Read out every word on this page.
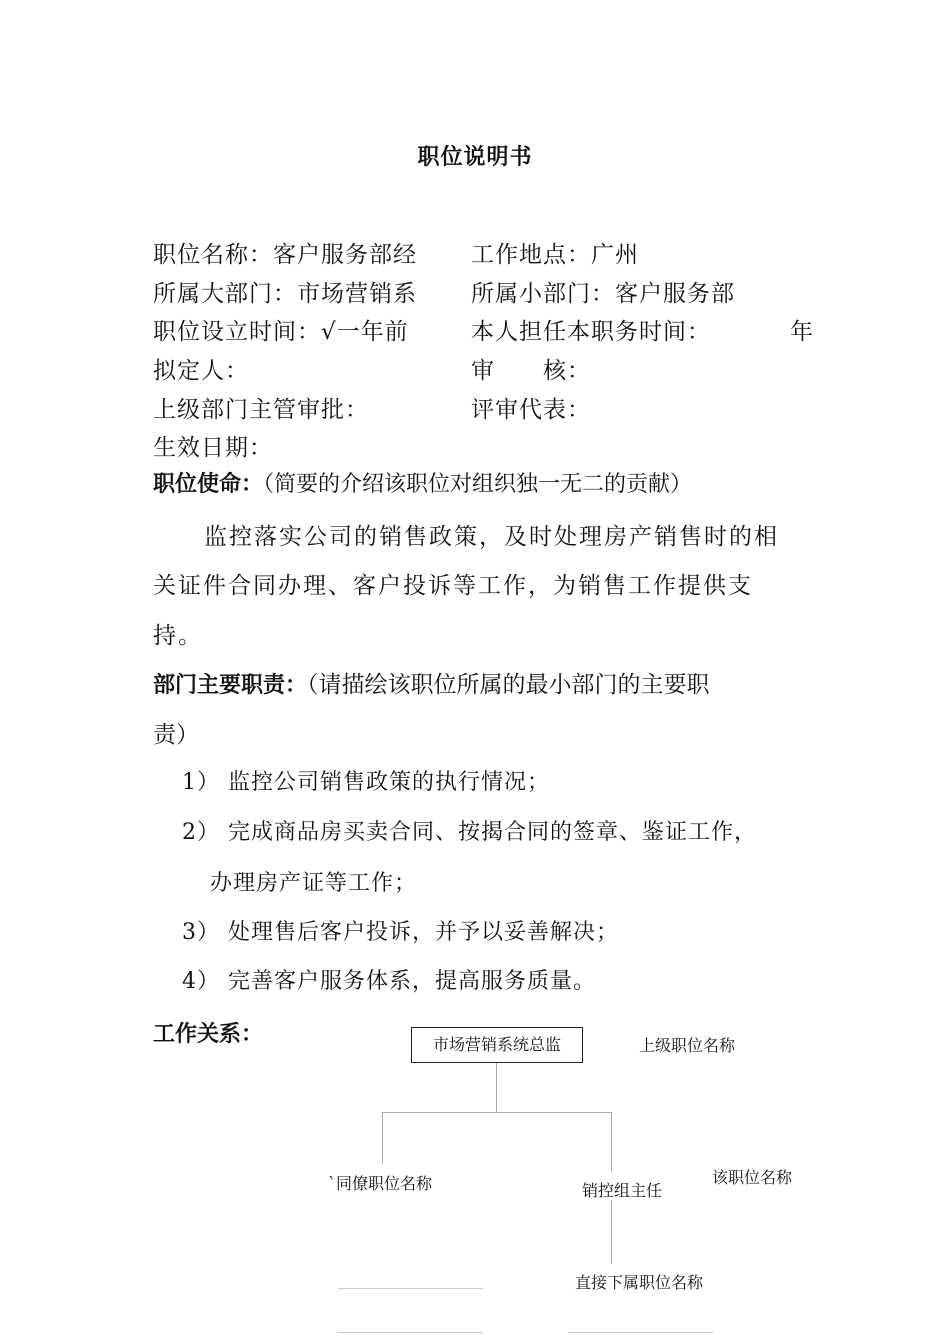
职位说明书
职位名称：客户服务部经 工作地点：广州
所属大部门：市场营销系 所属小部门：客户服务部
职位设立时间：√一年前	本人担任本职务时间：	年
拟定人：	审　　核：
上级部门主管审批：	评审代表：
生效日期：
职位使命：（简要的介绍该职位对组织独一无二的贡献）
监控落实公司的销售政策，及时处理房产销售时的相
关证件合同办理、客户投诉等工作，为销售工作提供支
持。
部门主要职责：（请描绘该职位所属的最小部门的主要职
责）
1） 监控公司销售政策的执行情况；
2） 完成商品房买卖合同、按揭合同的签章、鉴证工作，
办理房产证等工作；
3） 处理售后客户投诉，并予以妥善解决；
4） 完善客户服务体系，提高服务质量。
工作关系：	市场营销系统总监	上级职位名称
`同僚职位名称	销控组主任
该职位名称
直接下属职位名称
